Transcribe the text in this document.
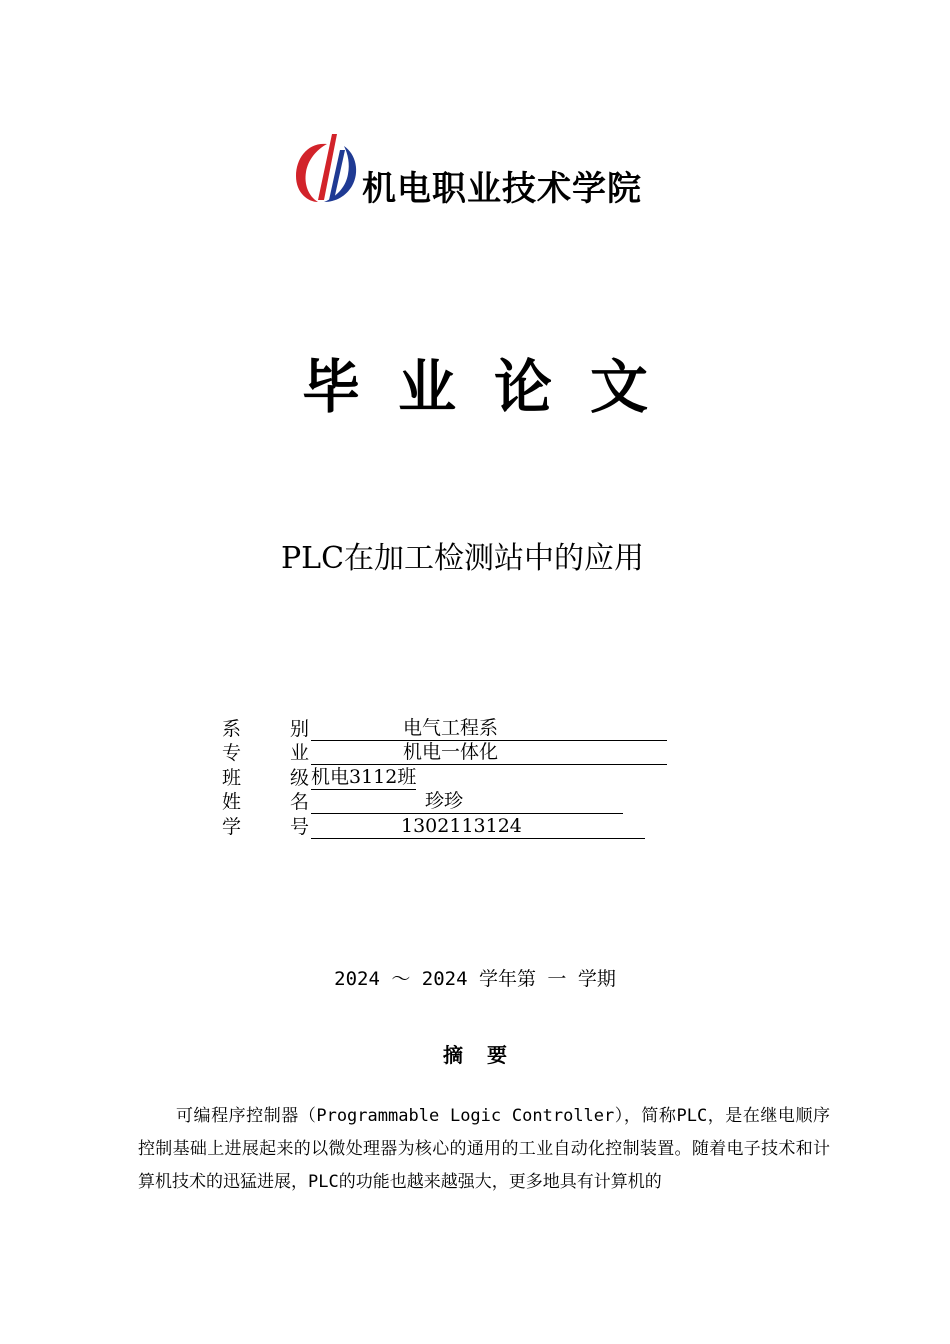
机电职业技术学院
毕 业 论 文
PLC在加工检测站中的应用
系	别	电气工程系
专	业	机电一体化
班	级 机电3112班
姓	名	珍珍
学	号	1302113124
2024 ～ 2024 学年第 一 学期
摘 要
可编程序控制器（Programmable Logic Controller），简称PLC，是在继电顺序控制基础上进展起来的以微处理器为核心的通用的工业自动化控制装置。随着电子技术和计算机技术的迅猛进展，PLC的功能也越来越强大，更多地具有计算机的
